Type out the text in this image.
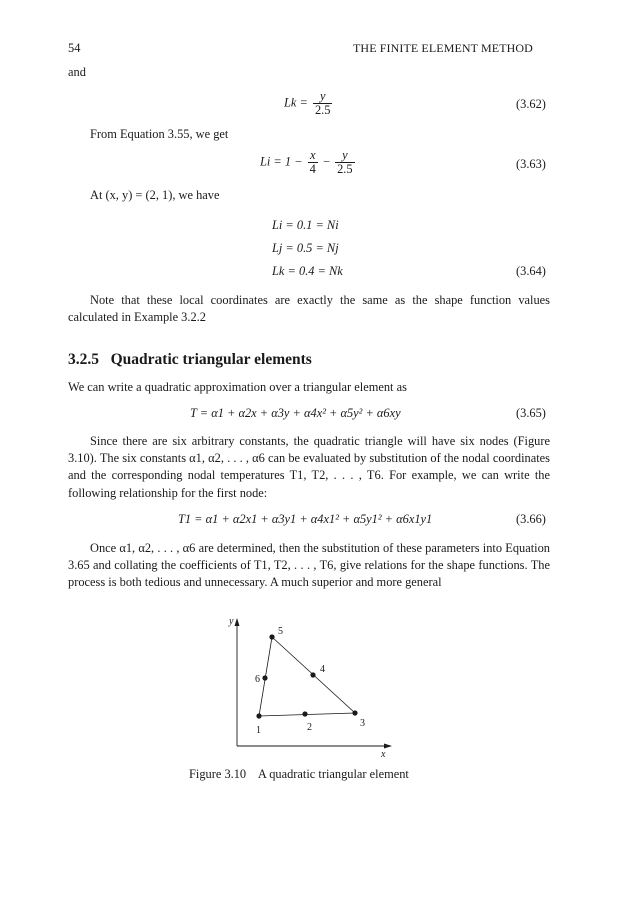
54	THE FINITE ELEMENT METHOD
and
$Lk = \frac{y}{2.5}$	(3.62)
From Equation 3.55, we get
$Li = 1 - \frac{x}{4} - \frac{y}{2.5}$	(3.63)
At (x, y) = (2, 1), we have
Li = 0.1 = Ni
Lj = 0.5 = Nj
Lk = 0.4 = Nk	(3.64)
Note that these local coordinates are exactly the same as the shape function values calculated in Example 3.2.2
3.2.5 Quadratic triangular elements
We can write a quadratic approximation over a triangular element as
T = α1 + α2x + α3y + α4x² + α5y² + α6xy	(3.65)
Since there are six arbitrary constants, the quadratic triangle will have six nodes (Figure 3.10). The six constants α1, α2, . . . , α6 can be evaluated by substitution of the nodal coordinates and the corresponding nodal temperatures T1, T2, . . . , T6. For example, we can write the following relationship for the first node:
T1 = α1 + α2x1 + α3y1 + α4x1² + α5y1² + α6x1y1	(3.66)
Once α1, α2, . . . , α6 are determined, then the substitution of these parameters into Equation 3.65 and collating the coefficients of T1, T2, . . . , T6, give relations for the shape functions. The process is both tedious and unnecessary. A much superior and more general
y
x
1	2	3
4
5
6
Figure 3.10    A quadratic triangular element
